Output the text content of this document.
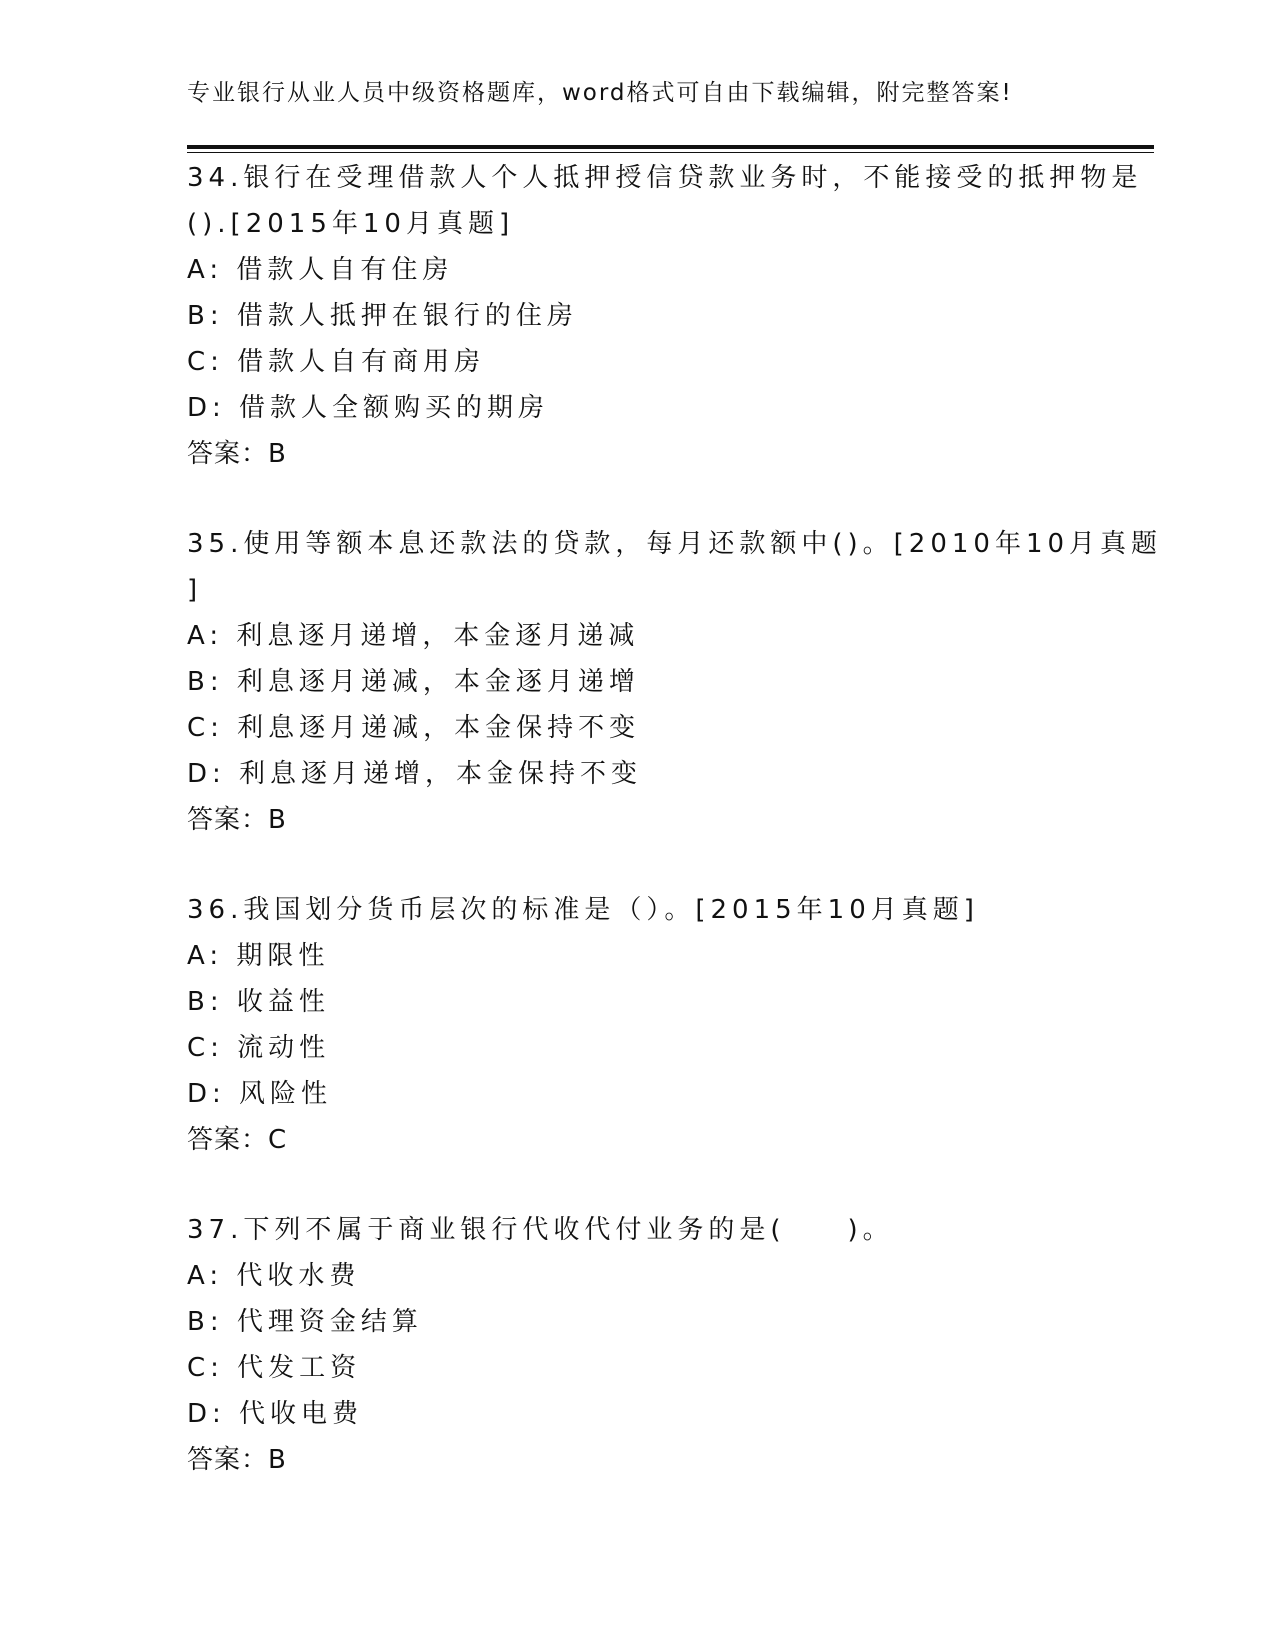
专业银行从业人员中级资格题库，word格式可自由下载编辑，附完整答案!
34.银行在受理借款人个人抵押授信贷款业务时，不能接受的抵押物是
().[2015年10月真题]
A: 借款人自有住房
B: 借款人抵押在银行的住房
C: 借款人自有商用房
D: 借款人全额购买的期房
答案：B
35.使用等额本息还款法的贷款，每月还款额中()。[2010年10月真题
]
A: 利息逐月递增，本金逐月递减
B: 利息逐月递减，本金逐月递增
C: 利息逐月递减，本金保持不变
D: 利息逐月递增，本金保持不变
答案：B
36.我国划分货币层次的标准是（）。[2015年10月真题]
A: 期限性
B: 收益性
C: 流动性
D: 风险性
答案：C
37.下列不属于商业银行代收代付业务的是(　　)。
A: 代收水费
B: 代理资金结算
C: 代发工资
D: 代收电费
答案：B
